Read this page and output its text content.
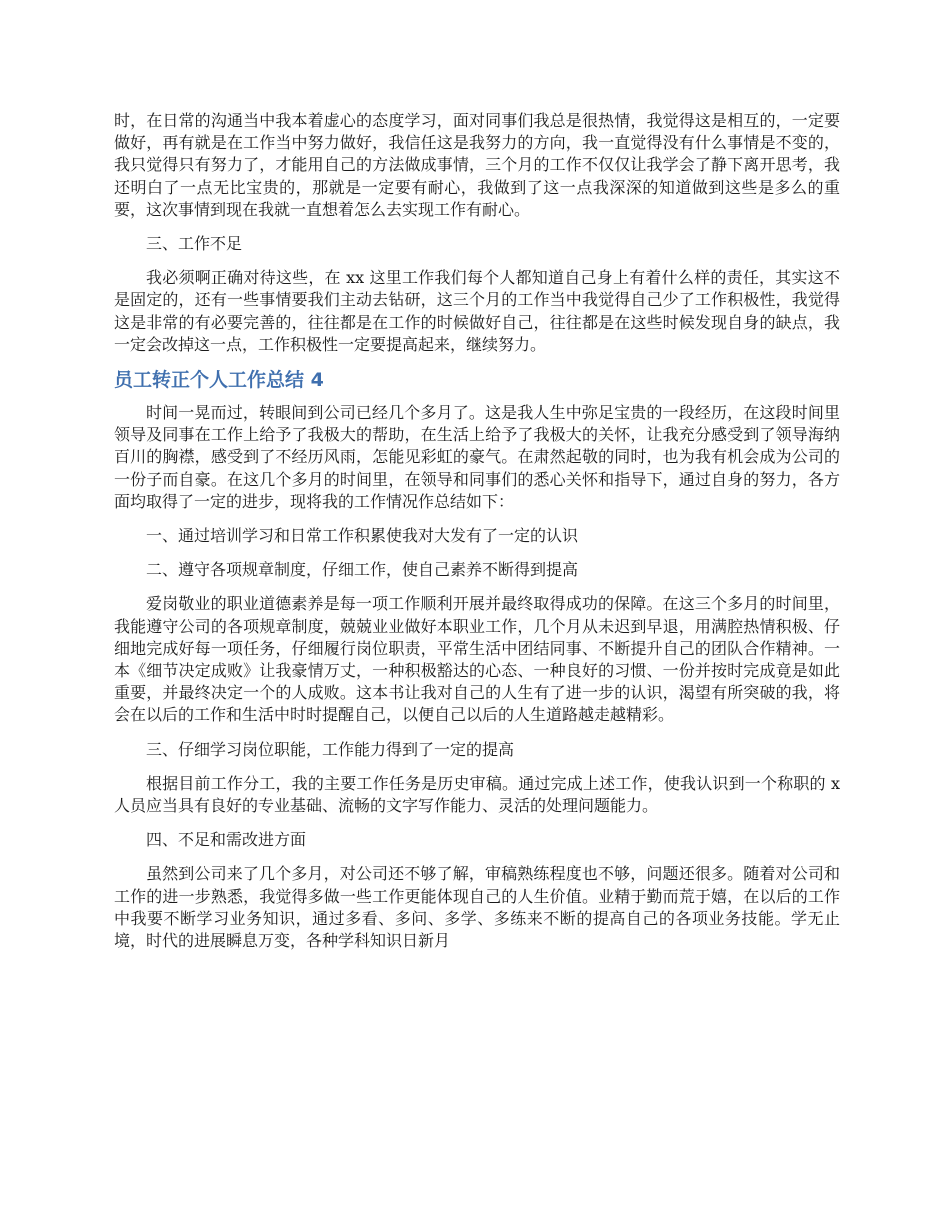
时，在日常的沟通当中我本着虚心的态度学习，面对同事们我总是很热情，我觉得这是相互的，一定要做好，再有就是在工作当中努力做好，我信任这是我努力的方向，我一直觉得没有什么事情是不变的，我只觉得只有努力了，才能用自己的方法做成事情，三个月的工作不仅仅让我学会了静下离开思考，我还明白了一点无比宝贵的，那就是一定要有耐心，我做到了这一点我深深的知道做到这些是多么的重要，这次事情到现在我就一直想着怎么去实现工作有耐心。

三、工作不足

我必须啊正确对待这些，在 xx 这里工作我们每个人都知道自己身上有着什么样的责任，其实这不是固定的，还有一些事情要我们主动去钻研，这三个月的工作当中我觉得自己少了工作积极性，我觉得这是非常的有必要完善的，往往都是在工作的时候做好自己，往往都是在这些时候发现自身的缺点，我一定会改掉这一点，工作积极性一定要提高起来，继续努力。

员工转正个人工作总结 4

时间一晃而过，转眼间到公司已经几个多月了。这是我人生中弥足宝贵的一段经历，在这段时间里领导及同事在工作上给予了我极大的帮助，在生活上给予了我极大的关怀，让我充分感受到了领导海纳百川的胸襟，感受到了不经历风雨，怎能见彩虹的豪气。在肃然起敬的同时，也为我有机会成为公司的一份子而自豪。在这几个多月的时间里，在领导和同事们的悉心关怀和指导下，通过自身的努力，各方面均取得了一定的进步，现将我的工作情况作总结如下：

一、通过培训学习和日常工作积累使我对大发有了一定的认识

二、遵守各项规章制度，仔细工作，使自己素养不断得到提高

爱岗敬业的职业道德素养是每一项工作顺利开展并最终取得成功的保障。在这三个多月的时间里，我能遵守公司的各项规章制度，兢兢业业做好本职业工作，几个月从未迟到早退，用满腔热情积极、仔细地完成好每一项任务，仔细履行岗位职责，平常生活中团结同事、不断提升自己的团队合作精神。一本《细节决定成败》让我豪情万丈，一种积极豁达的心态、一种良好的习惯、一份并按时完成竟是如此重要，并最终决定一个的人成败。这本书让我对自己的人生有了进一步的认识，渴望有所突破的我，将会在以后的工作和生活中时时提醒自己，以便自己以后的人生道路越走越精彩。

三、仔细学习岗位职能，工作能力得到了一定的提高

根据目前工作分工，我的主要工作任务是历史审稿。通过完成上述工作，使我认识到一个称职的 x 人员应当具有良好的专业基础、流畅的文字写作能力、灵活的处理问题能力。

四、不足和需改进方面

虽然到公司来了几个多月，对公司还不够了解，审稿熟练程度也不够，问题还很多。随着对公司和工作的进一步熟悉，我觉得多做一些工作更能体现自己的人生价值。业精于勤而荒于嬉，在以后的工作中我要不断学习业务知识，通过多看、多问、多学、多练来不断的提高自己的各项业务技能。学无止境，时代的进展瞬息万变，各种学科知识日新月
